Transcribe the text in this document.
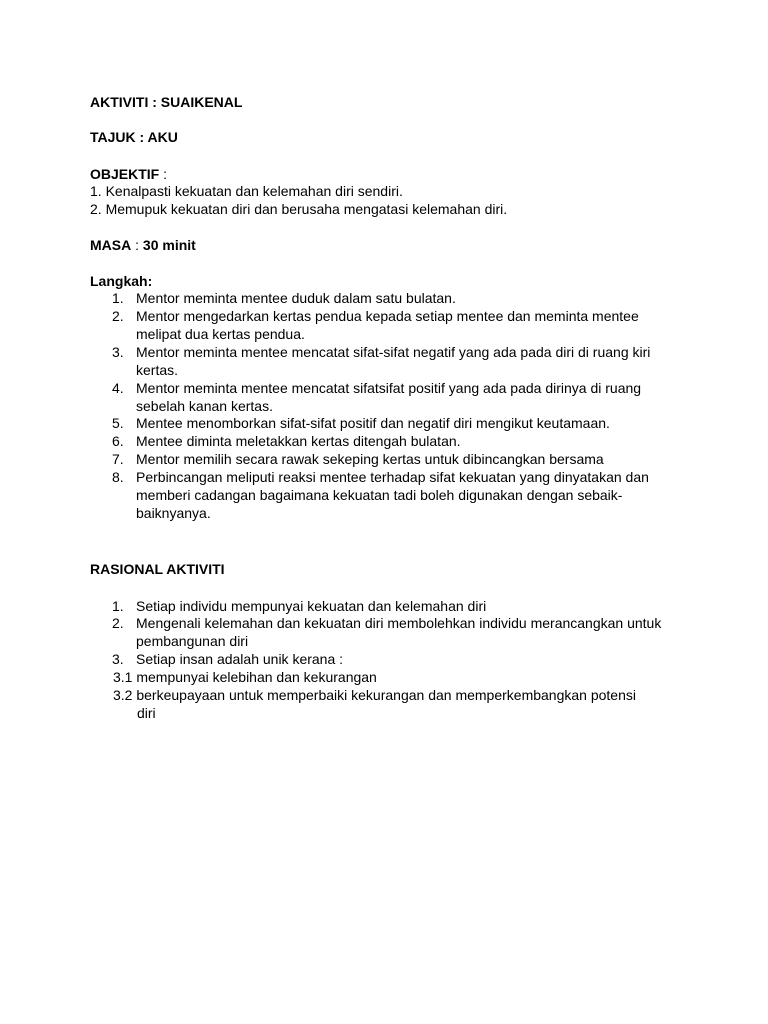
AKTIVITI : SUAIKENAL
TAJUK : AKU
OBJEKTIF :
1. Kenalpasti kekuatan dan kelemahan diri sendiri.
2. Memupuk kekuatan diri dan berusaha mengatasi kelemahan diri.
MASA : 30 minit
Langkah:
1. Mentor meminta mentee duduk dalam satu bulatan.
2. Mentor mengedarkan kertas pendua kepada setiap mentee dan meminta mentee melipat dua kertas pendua.
3. Mentor meminta mentee mencatat sifat-sifat negatif yang ada pada diri di ruang kiri kertas.
4. Mentor meminta mentee mencatat sifatsifat positif yang ada pada dirinya di ruang sebelah kanan kertas.
5. Mentee menomborkan sifat-sifat positif dan negatif diri mengikut keutamaan.
6. Mentee diminta meletakkan kertas ditengah bulatan.
7. Mentor memilih secara rawak sekeping kertas untuk dibincangkan bersama
8. Perbincangan meliputi reaksi mentee terhadap sifat kekuatan yang dinyatakan dan memberi cadangan bagaimana kekuatan tadi boleh digunakan dengan sebaik-baiknyanya.
RASIONAL AKTIVITI
1. Setiap individu mempunyai kekuatan dan kelemahan diri
2. Mengenali kelemahan dan kekuatan diri membolehkan individu merancangkan untuk pembangunan diri
3. Setiap insan adalah unik kerana :
3.1 mempunyai kelebihan dan kekurangan
3.2 berkeupayaan untuk memperbaiki kekurangan dan memperkembangkan potensi
diri
